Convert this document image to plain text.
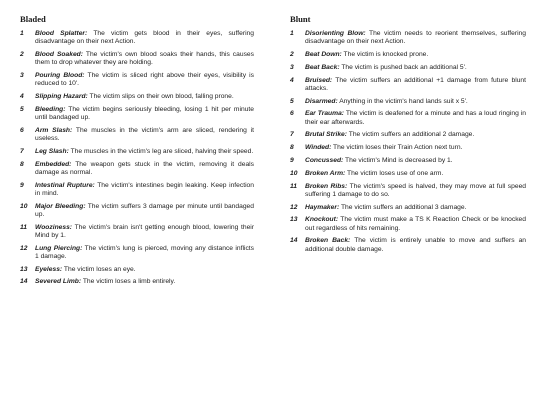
Bladed
1	Blood Splatter: The victim gets blood in their eyes, suffering disadvantage on their next Action.
2	Blood Soaked: The victim's own blood soaks their hands, this causes them to drop whatever they are holding.
3	Pouring Blood: The victim is sliced right above their eyes, visibility is reduced to 10'.
4	Slipping Hazard: The victim slips on their own blood, falling prone.
5	Bleeding: The victim begins seriously bleeding, losing 1 hit per minute until bandaged up.
6	Arm Slash: The muscles in the victim's arm are sliced, rendering it useless.
7	Leg Slash: The muscles in the victim's leg are sliced, halving their speed.
8	Embedded: The weapon gets stuck in the victim, removing it deals damage as normal.
9	Intestinal Rupture: The victim's intestines begin leaking. Keep infection in mind.
10	Major Bleeding: The victim suffers 3 damage per minute until bandaged up.
11	Wooziness: The victim's brain isn't getting enough blood, lowering their Mind by 1.
12	Lung Piercing: The victim's lung is pierced, moving any distance inflicts 1 damage.
13	Eyeless: The victim loses an eye.
14	Severed Limb: The victim loses a limb entirely.
Blunt
1	Disorienting Blow: The victim needs to reorient themselves, suffering disadvantage on their next Action.
2	Beat Down: The victim is knocked prone.
3	Beat Back: The victim is pushed back an additional 5'.
4	Bruised: The victim suffers an additional +1 damage from future blunt attacks.
5	Disarmed: Anything in the victim's hand lands suit x 5'.
6	Ear Trauma: The victim is deafened for a minute and has a loud ringing in their ear afterwards.
7	Brutal Strike: The victim suffers an additional 2 damage.
8	Winded: The victim loses their Train Action next turn.
9	Concussed: The victim's Mind is decreased by 1.
10	Broken Arm: The victim loses use of one arm.
11	Broken Ribs: The victim's speed is halved, they may move at full speed suffering 1 damage to do so.
12	Haymaker: The victim suffers an additional 3 damage.
13	Knockout: The victim must make a TS K Reaction Check or be knocked out regardless of hits remaining.
14	Broken Back: The victim is entirely unable to move and suffers an additional double damage.
